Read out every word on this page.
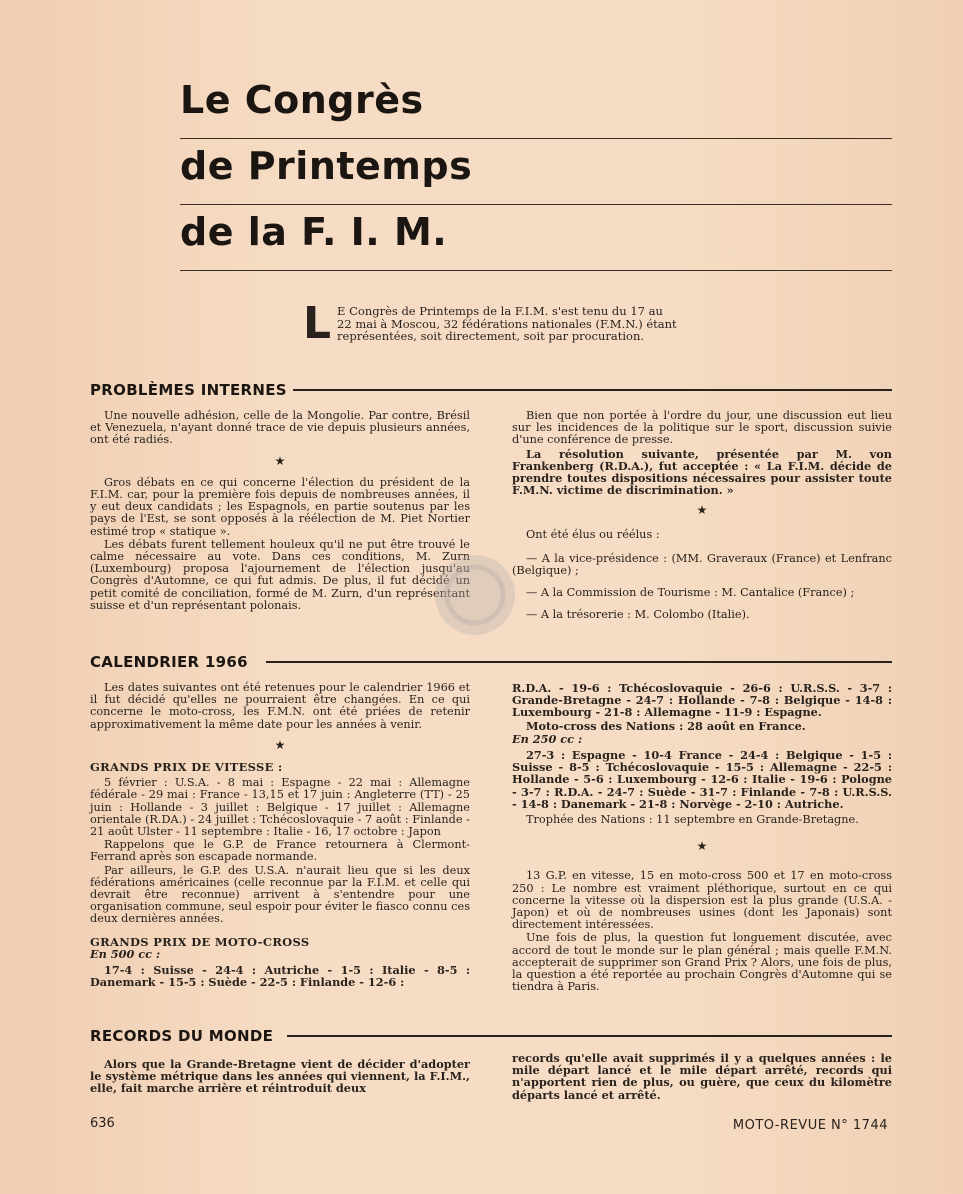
Le Congrès
de Printemps
de la F. I. M.
L E Congrès de Printemps de la F.I.M. s'est tenu du 17 au 22 mai à Moscou, 32 fédérations nationales (F.M.N.) étant représentées, soit directement, soit par procuration.
PROBLÈMES INTERNES

Une nouvelle adhésion, celle de la Mongolie. Par contre, Brésil et Venezuela, n'ayant donné trace de vie depuis plusieurs années, ont été radiés.

★

Gros débats en ce qui concerne l'élection du président de la F.I.M. car, pour la première fois depuis de nombreuses années, il y eut deux candidats ; les Espagnols, en partie soutenus par les pays de l'Est, se sont opposés à la réélection de M. Piet Nortier estimé trop « statique ».

Les débats furent tellement houleux qu'il ne put être trouvé le calme nécessaire au vote. Dans ces conditions, M. Zurn (Luxembourg) proposa l'ajournement de l'élection jusqu'au Congrès d'Automne, ce qui fut admis. De plus, il fut décidé un petit comité de conciliation, formé de M. Zurn, d'un représentant suisse et d'un représentant polonais.

Bien que non portée à l'ordre du jour, une discussion eut lieu sur les incidences de la politique sur le sport, discussion suivie d'une conférence de presse.

La résolution suivante, présentée par M. von Frankenberg (R.D.A.), fut acceptée : « La F.I.M. décide de prendre toutes dispositions nécessaires pour assister toute F.M.N. victime de discrimination. »

★

Ont été élus ou réélus :

— A la vice-présidence : (MM. Graveraux (France) et Lenfranc (Belgique) ;

— A la Commission de Tourisme : M. Cantalice (France) ;

— A la trésorerie : M. Colombo (Italie).

CALENDRIER 1966

Les dates suivantes ont été retenues pour le calendrier 1966 et il fut décidé qu'elles ne pourraient être changées. En ce qui concerne le moto-cross, les F.M.N. ont été priées de retenir approximativement la même date pour les années à venir.

★
GRANDS PRIX DE VITESSE :

5 février : U.S.A. - 8 mai : Espagne - 22 mai : Allemagne fédérale - 29 mai : France - 13,15 et 17 juin : Angleterre (TT) - 25 juin : Hollande - 3 juillet : Belgique - 17 juillet : Allemagne orientale (R.DA.) - 24 juillet : Tchécoslovaquie - 7 août : Finlande - 21 août Ulster - 11 septembre : Italie - 16, 17 octobre : Japon

Rappelons que le G.P. de France retournera à Clermont-Ferrand après son escapade normande.

Par ailleurs, le G.P. des U.S.A. n'aurait lieu que si les deux fédérations américaines (celle reconnue par la F.I.M. et celle qui devrait être reconnue) arrivent à s'entendre pour une organisation commune, seul espoir pour éviter le fiasco connu ces deux dernières années.

GRANDS PRIX DE MOTO-CROSS
En 500 cc :

17-4 : Suisse - 24-4 : Autriche - 1-5 : Italie - 8-5 : Danemark - 15-5 : Suède - 22-5 : Finlande - 12-6 :

R.D.A. - 19-6 : Tchécoslovaquie - 26-6 : U.R.S.S. - 3-7 : Grande-Bretagne - 24-7 : Hollande - 7-8 : Belgique - 14-8 : Luxembourg - 21-8 : Allemagne - 11-9 : Espagne.

Moto-cross des Nations : 28 août en France.

En 250 cc :

27-3 : Espagne - 10-4 France - 24-4 : Belgique - 1-5 : Suisse - 8-5 : Tchécoslovaquie - 15-5 : Allemagne - 22-5 : Hollande - 5-6 : Luxembourg - 12-6 : Italie - 19-6 : Pologne - 3-7 : R.D.A. - 24-7 : Suède - 31-7 : Finlande - 7-8 : U.R.S.S. - 14-8 : Danemark - 21-8 : Norvège - 2-10 : Autriche.

Trophée des Nations : 11 septembre en Grande-Bretagne.

★

13 G.P. en vitesse, 15 en moto-cross 500 et 17 en moto-cross 250 : Le nombre est vraiment pléthorique, surtout en ce qui concerne la vitesse où la dispersion est la plus grande (U.S.A. - Japon) et où de nombreuses usines (dont les Japonais) sont directement intéressées.

Une fois de plus, la question fut longuement discutée, avec accord de tout le monde sur le plan général ; mais quelle F.M.N. accepterait de supprimer son Grand Prix ? Alors, une fois de plus, la question a été reportée au prochain Congrès d'Automne qui se tiendra à Paris.

RECORDS DU MONDE

Alors que la Grande-Bretagne vient de décider d'adopter le système métrique dans les années qui viennent, la F.I.M., elle, fait marche arrière et réintroduit deux

records qu'elle avait supprimés il y a quelques années : le mile départ lancé et le mile départ arrêté, records qui n'apportent rien de plus, ou guère, que ceux du kilomètre départs lancé et arrêté.

636	MOTO-REVUE N° 1744
